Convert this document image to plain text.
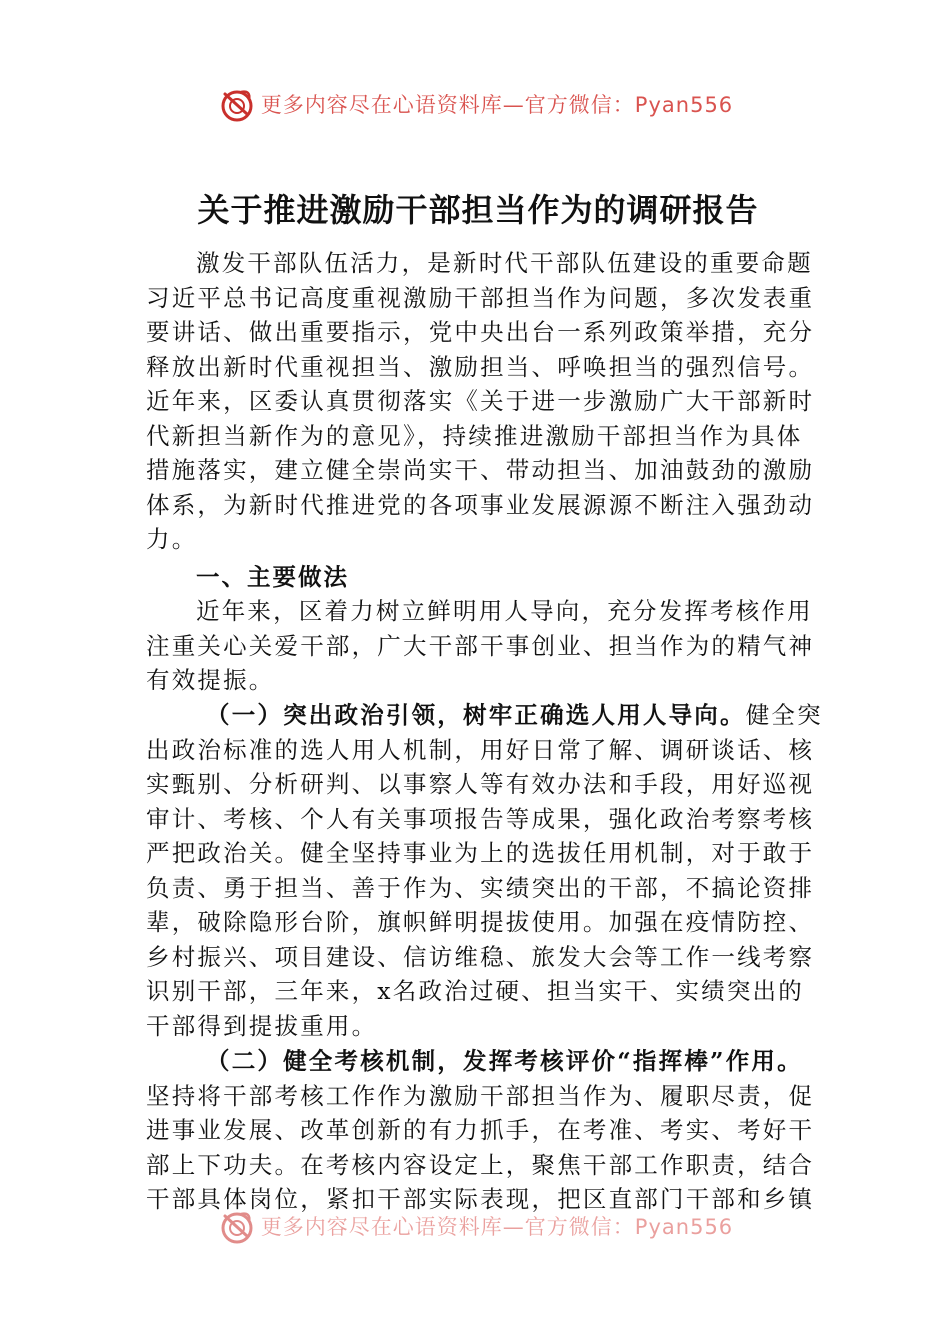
更多内容尽在心语资料库—官方微信：Pyan556
关于推进激励干部担当作为的调研报告

激发干部队伍活力，是新时代干部队伍建设的重要命题
习近平总书记高度重视激励干部担当作为问题，多次发表重
要讲话、做出重要指示，党中央出台一系列政策举措，充分
释放出新时代重视担当、激励担当、呼唤担当的强烈信号。
近年来，区委认真贯彻落实《关于进一步激励广大干部新时
代新担当新作为的意见》，持续推进激励干部担当作为具体
措施落实，建立健全崇尚实干、带动担当、加油鼓劲的激励
体系，为新时代推进党的各项事业发展源源不断注入强劲动
力。

一、主要做法

近年来，区着力树立鲜明用人导向，充分发挥考核作用
注重关心关爱干部，广大干部干事创业、担当作为的精气神
有效提振。

（一）突出政治引领，树牢正确选人用人导向。健全突
出政治标准的选人用人机制，用好日常了解、调研谈话、核
实甄别、分析研判、以事察人等有效办法和手段，用好巡视
审计、考核、个人有关事项报告等成果，强化政治考察考核
严把政治关。健全坚持事业为上的选拔任用机制，对于敢于
负责、勇于担当、善于作为、实绩突出的干部，不搞论资排
辈，破除隐形台阶，旗帜鲜明提拔使用。加强在疫情防控、
乡村振兴、项目建设、信访维稳、旅发大会等工作一线考察
识别干部，三年来，x名政治过硬、担当实干、实绩突出的
干部得到提拔重用。

（二）健全考核机制，发挥考核评价“指挥棒”作用。
坚持将干部考核工作作为激励干部担当作为、履职尽责，促
进事业发展、改革创新的有力抓手，在考准、考实、考好干
部上下功夫。在考核内容设定上，聚焦干部工作职责，结合
干部具体岗位，紧扣干部实际表现，把区直部门干部和乡镇

更多内容尽在心语资料库—官方微信：Pyan556
